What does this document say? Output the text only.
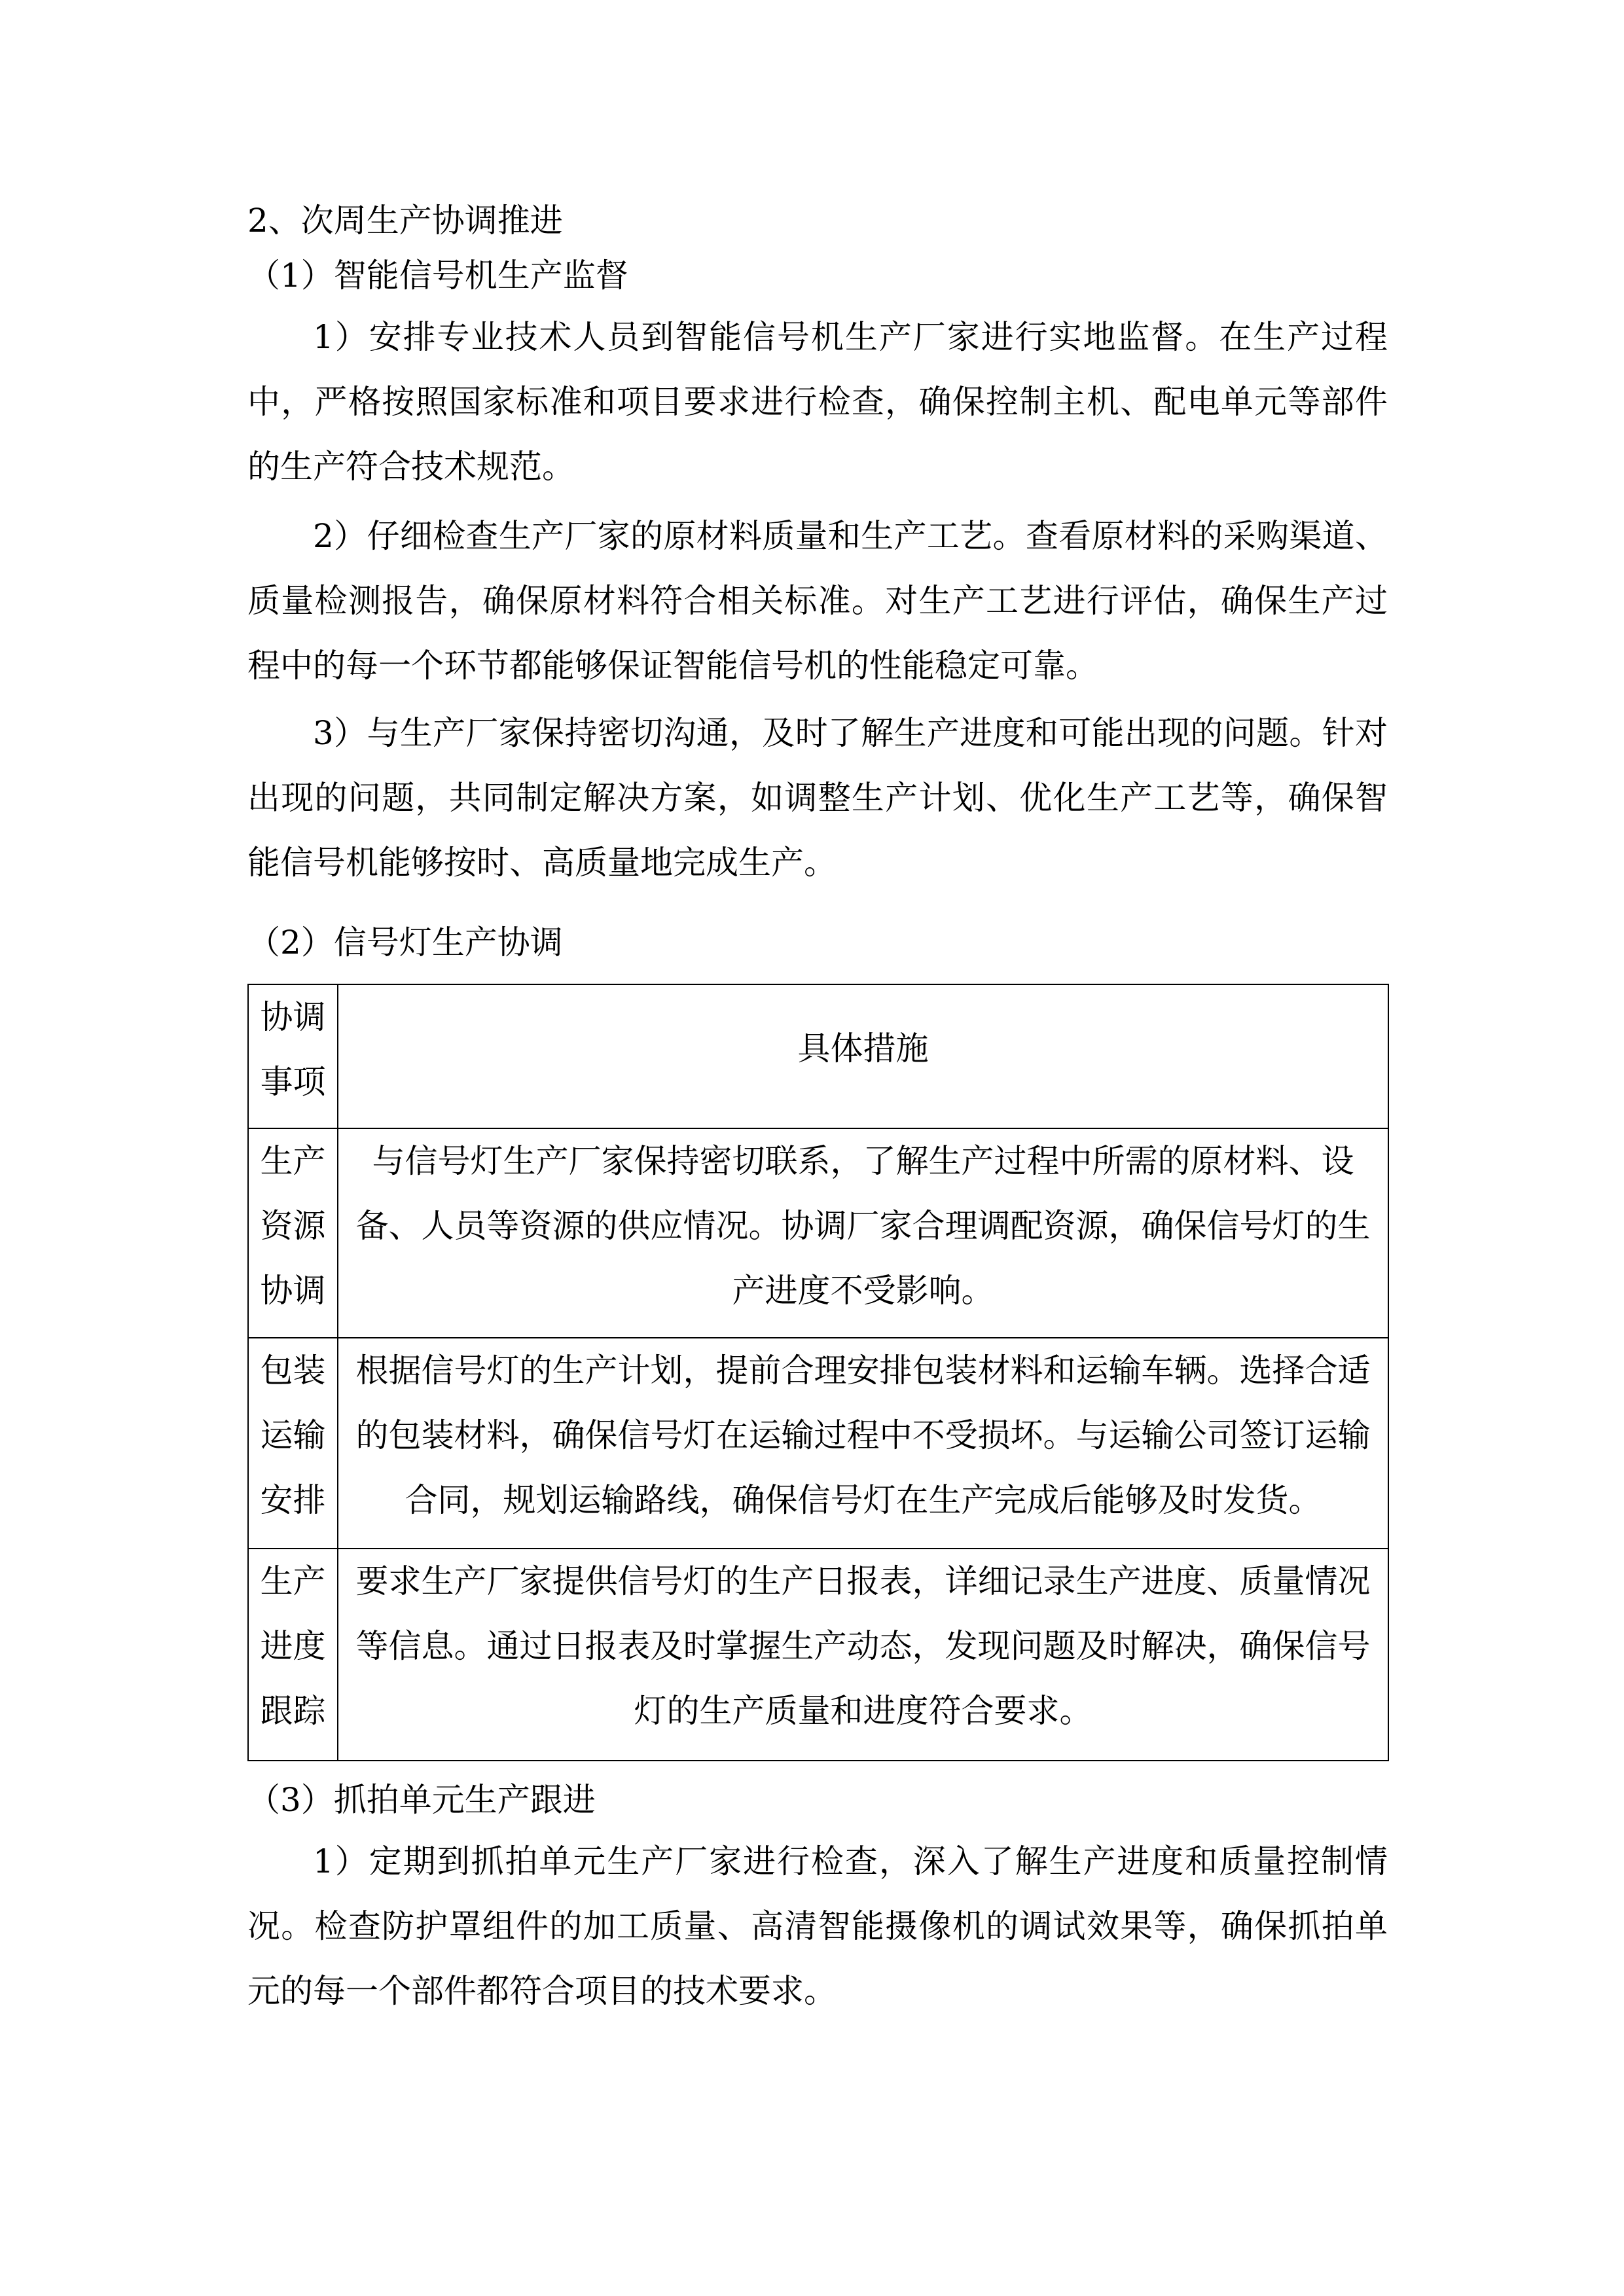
2、次周生产协调推进
（1）智能信号机生产监督
1）安排专业技术人员到智能信号机生产厂家进行实地监督。在生产过程
中，严格按照国家标准和项目要求进行检查，确保控制主机、配电单元等部件
的生产符合技术规范。
2）仔细检查生产厂家的原材料质量和生产工艺。查看原材料的采购渠道、
质量检测报告，确保原材料符合相关标准。对生产工艺进行评估，确保生产过
程中的每一个环节都能够保证智能信号机的性能稳定可靠。
3）与生产厂家保持密切沟通，及时了解生产进度和可能出现的问题。针对
出现的问题，共同制定解决方案，如调整生产计划、优化生产工艺等，确保智
能信号机能够按时、高质量地完成生产。
（2）信号灯生产协调
协调
事项	具体措施

生产
资源
协调	与信号灯生产厂家保持密切联系，了解生产过程中所需的原材料、设
备、人员等资源的供应情况。协调厂家合理调配资源，确保信号灯的生
产进度不受影响。

包装
运输
安排	根据信号灯的生产计划，提前合理安排包装材料和运输车辆。选择合适
的包装材料，确保信号灯在运输过程中不受损坏。与运输公司签订运输
合同，规划运输路线，确保信号灯在生产完成后能够及时发货。

生产
进度
跟踪	要求生产厂家提供信号灯的生产日报表，详细记录生产进度、质量情况
等信息。通过日报表及时掌握生产动态，发现问题及时解决，确保信号
灯的生产质量和进度符合要求。
（3）抓拍单元生产跟进
1）定期到抓拍单元生产厂家进行检查，深入了解生产进度和质量控制情
况。检查防护罩组件的加工质量、高清智能摄像机的调试效果等，确保抓拍单
元的每一个部件都符合项目的技术要求。
